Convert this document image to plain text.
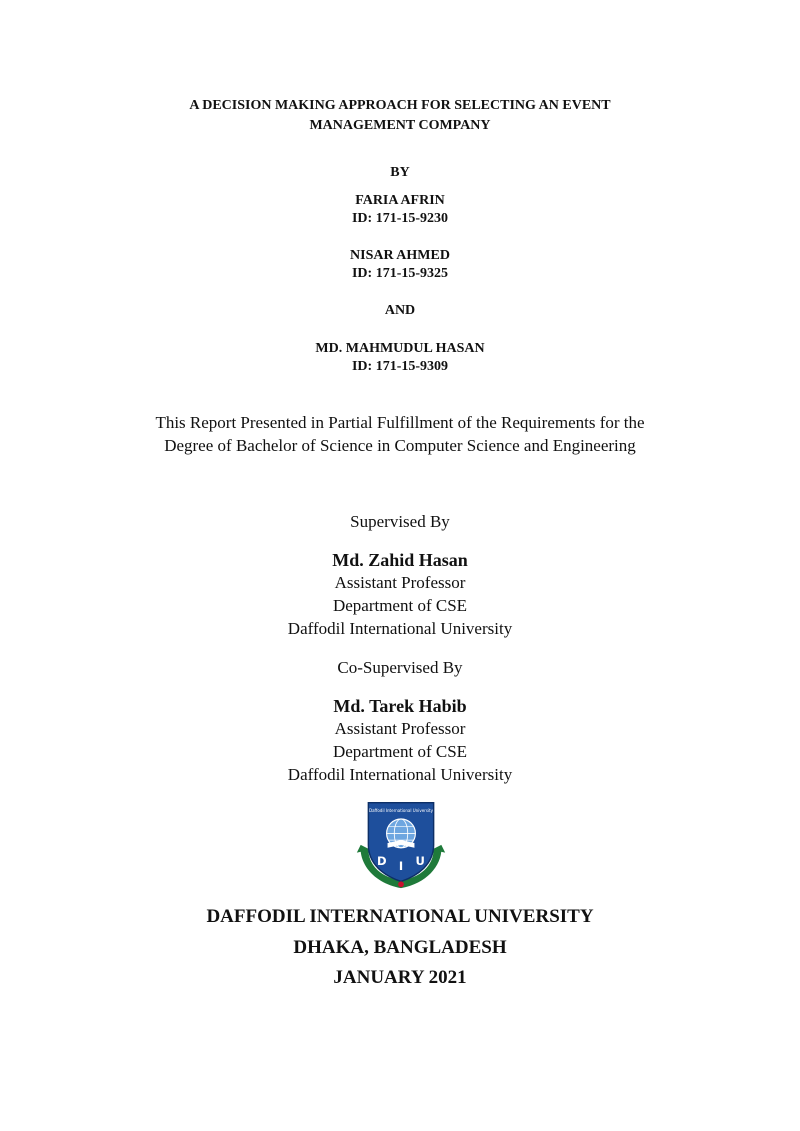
A DECISION MAKING APPROACH FOR SELECTING AN EVENT
MANAGEMENT COMPANY
BY
FARIA AFRIN
ID: 171-15-9230
NISAR AHMED
ID: 171-15-9325
AND
MD. MAHMUDUL HASAN
ID: 171-15-9309
This Report Presented in Partial Fulfillment of the Requirements for the
Degree of Bachelor of Science in Computer Science and Engineering
Supervised By
Md. Zahid Hasan
Assistant Professor
Department of CSE
Daffodil International University
Co-Supervised By
Md. Tarek Habib
Assistant Professor
Department of CSE
Daffodil International University
Daffodil International University
D I U
DAFFODIL INTERNATIONAL UNIVERSITY
DHAKA, BANGLADESH
JANUARY 2021
